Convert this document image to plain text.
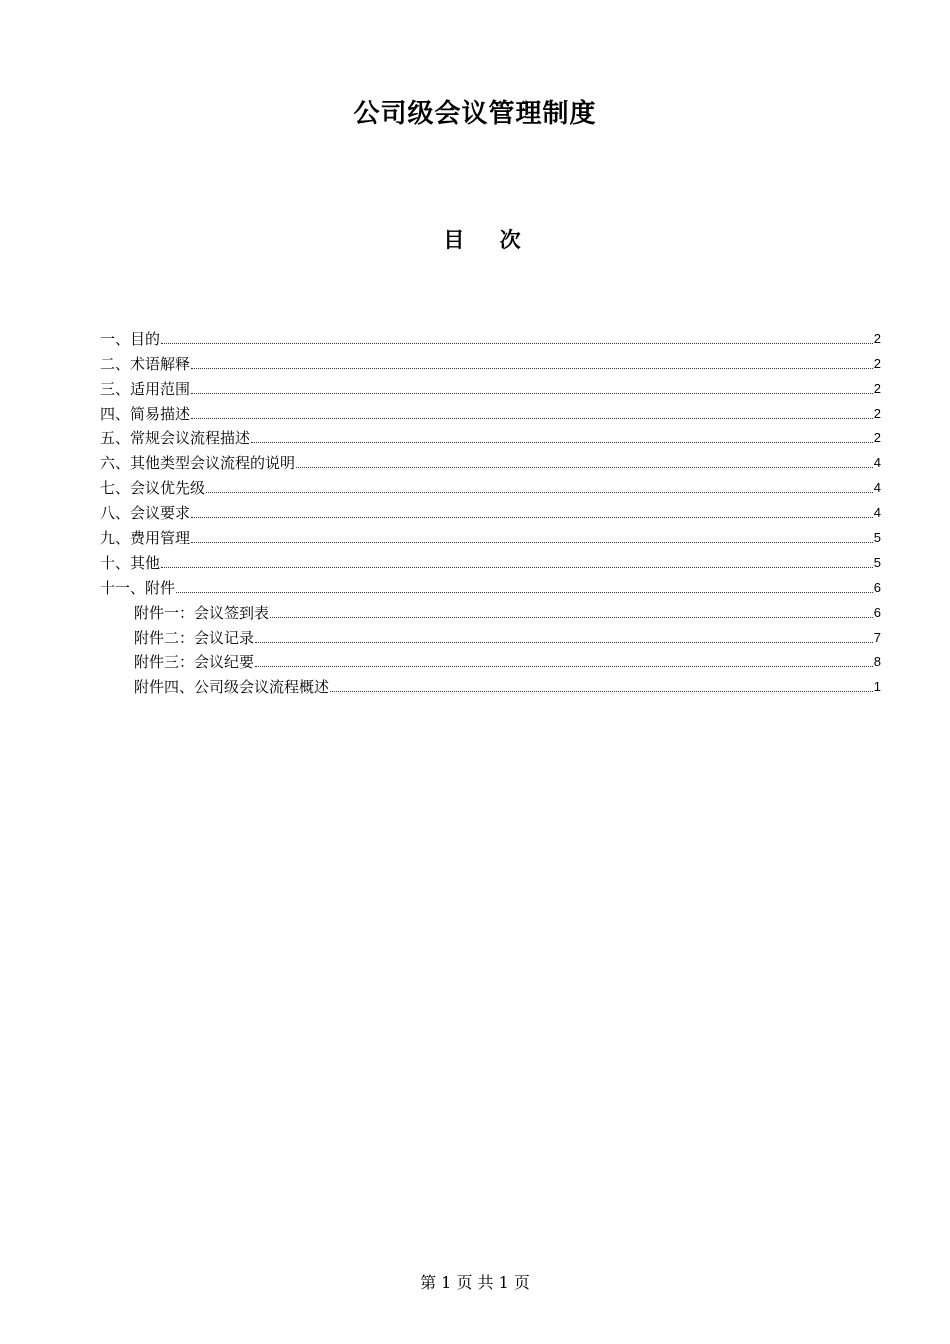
公司级会议管理制度
目 次
一、目的	2
二、术语解释	2
三、适用范围	2
四、简易描述	2
五、常规会议流程描述	2
六、其他类型会议流程的说明	4
七、会议优先级	4
八、会议要求	4
九、费用管理	5
十、其他	5
十一、附件	6
附件一：会议签到表	6
附件二：会议记录	7
附件三：会议纪要	8
附件四、公司级会议流程概述	1
第 1 页 共 1 页
